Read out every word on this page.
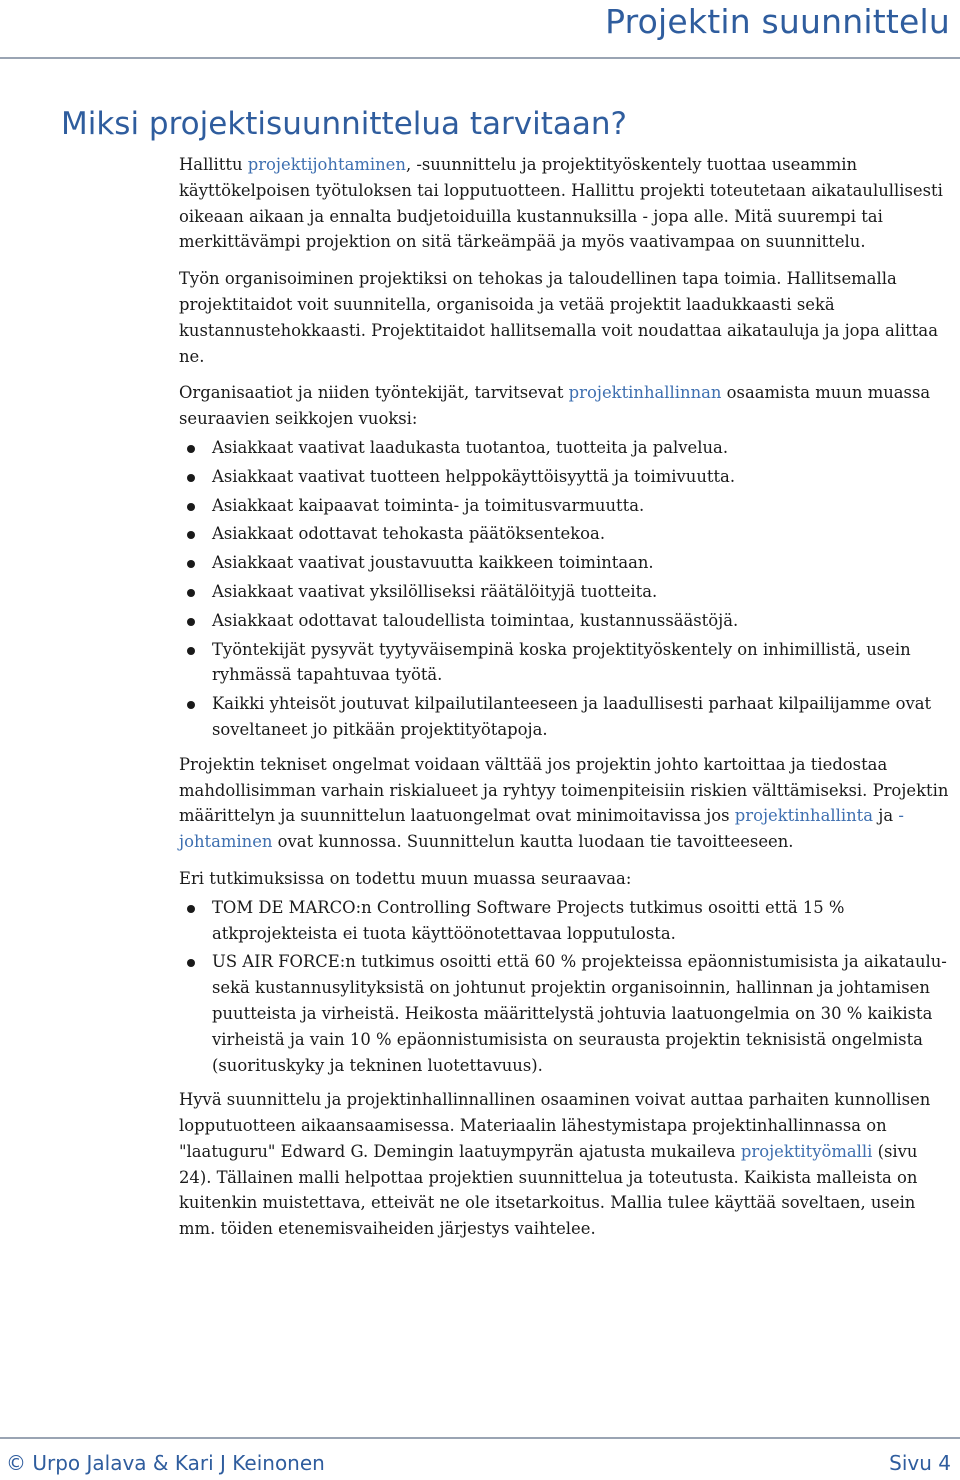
Projektin suunnittelu
Miksi projektisuunnittelua tarvitaan?

Hallittu projektijohtaminen, -suunnittelu ja projektityöskentely tuottaa useammin käyttökelpoisen työtuloksen tai lopputuotteen. Hallittu projekti toteutetaan aikataulullisesti oikeaan aikaan ja ennalta budjetoiduilla kustannuksilla - jopa alle. Mitä suurempi tai merkittävämpi projektion on sitä tärkeämpää ja myös vaativampaa on suunnittelu.

Työn organisoiminen projektiksi on tehokas ja taloudellinen tapa toimia. Hallitsemalla projektitaidot voit suunnitella, organisoida ja vetää projektit laadukkaasti sekä kustannustehokkaasti. Projektitaidot hallitsemalla voit noudattaa aikatauluja ja jopa alittaa ne.

Organisaatiot ja niiden työntekijät, tarvitsevat projektinhallinnan osaamista muun muassa seuraavien seikkojen vuoksi:

Asiakkaat vaativat laadukasta tuotantoa, tuotteita ja palvelua.
Asiakkaat vaativat tuotteen helppokäyttöisyyttä ja toimivuutta.
Asiakkaat kaipaavat toiminta- ja toimitusvarmuutta.
Asiakkaat odottavat tehokasta päätöksentekoa.
Asiakkaat vaativat joustavuutta kaikkeen toimintaan.
Asiakkaat vaativat yksilölliseksi räätälöityjä tuotteita.
Asiakkaat odottavat taloudellista toimintaa, kustannussäästöjä.
Työntekijät pysyvät tyytyväisempinä koska projektityöskentely on inhimillistä, usein ryhmässä tapahtuvaa työtä.
Kaikki yhteisöt joutuvat kilpailutilanteeseen ja laadullisesti parhaat kilpailijamme ovat soveltaneet jo pitkään projektityötapoja.

Projektin tekniset ongelmat voidaan välttää jos projektin johto kartoittaa ja tiedostaa mahdollisimman varhain riskialueet ja ryhtyy toimenpiteisiin riskien välttämiseksi. Projektin määrittelyn ja suunnittelun laatuongelmat ovat minimoitavissa jos projektinhallinta ja -johtaminen ovat kunnossa. Suunnittelun kautta luodaan tie tavoitteeseen.

Eri tutkimuksissa on todettu muun muassa seuraavaa:

TOM DE MARCO:n Controlling Software Projects tutkimus osoitti että 15 % atkprojekteista ei tuota käyttöönotettavaa lopputulosta.
US AIR FORCE:n tutkimus osoitti että 60 % projekteissa epäonnistumisista ja aikataulu- sekä kustannusylityksistä on johtunut projektin organisoinnin, hallinnan ja johtamisen puutteista ja virheistä. Heikosta määrittelystä johtuvia laatuongelmia on 30 % kaikista virheistä ja vain 10 % epäonnistumisista on seurausta projektin teknisistä ongelmista (suorituskyky ja tekninen luotettavuus).

Hyvä suunnittelu ja projektinhallinnallinen osaaminen voivat auttaa parhaiten kunnollisen lopputuotteen aikaansaamisessa. Materiaalin lähestymistapa projektinhallinnassa on "laatuguru" Edward G. Demingin laatuympyrän ajatusta mukaileva projektityömalli (sivu 24). Tällainen malli helpottaa projektien suunnittelua ja toteutusta. Kaikista malleista on kuitenkin muistettava, etteivät ne ole itsetarkoitus. Mallia tulee käyttää soveltaen, usein mm. töiden etenemisvaiheiden järjestys vaihtelee.

© Urpo Jalava & Kari J Keinonen	Sivu 4
